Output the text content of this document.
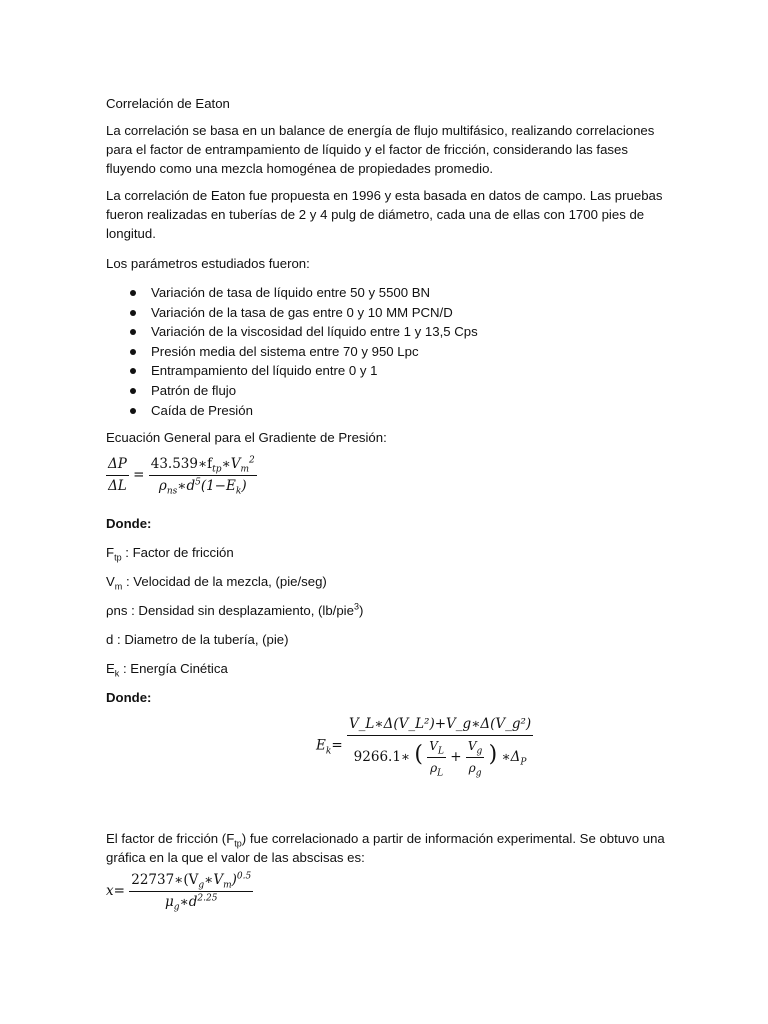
Correlación de Eaton

La correlación se basa en un balance de energía de flujo multifásico, realizando correlaciones para el factor de entrampamiento de líquido y el factor de fricción, considerando las fases fluyendo como una mezcla homogénea de propiedades promedio.

La correlación de Eaton fue propuesta en 1996 y esta basada en datos de campo. Las pruebas fueron realizadas en tuberías de 2 y 4 pulg de diámetro, cada una de ellas con 1700 pies de longitud.

Los parámetros estudiados fueron:
Variación de tasa de líquido entre 50 y 5500 BN
Variación de la tasa de gas entre 0 y 10 MM PCN/D
Variación de la viscosidad del líquido entre 1 y 13,5 Cps
Presión media del sistema entre 70 y 950 Lpc
Entrampamiento del líquido entre 0 y 1
Patrón de flujo
Caída de Presión
Ecuación General para el Gradiente de Presión:
$\frac{\Delta P}{\Delta L} = \frac{43.539∗f_{tp}∗V_m^2}{\rho_{ns}∗d^5(1-E_k)}$
Donde:
$F_{tp}$ : Factor de fricción
$V_m$ : Velocidad de la mezcla, (pie/seg)
ρns : Densidad sin desplazamiento, (lb/pie$^3$)
d : Diametro de la tubería, (pie)
$E_k$ : Energía Cinética
Donde:
$E_k=$
V_L∗Δ(V_L²)+V_g∗Δ(V_g²)
9266.1∗ ( $\frac{V_L}{\rho_L} + \frac{V_g}{\rho_g}$ ) $∗\Delta_P$

El factor de fricción $(F_{tp})$ fue correlacionado a partir de información experimental. Se obtuvo una gráfica en la que el valor de las abscisas es:

$x= \frac{22737∗(V_g∗V_m)^{0.5}}{\mu_g∗d^{2.25}}$
